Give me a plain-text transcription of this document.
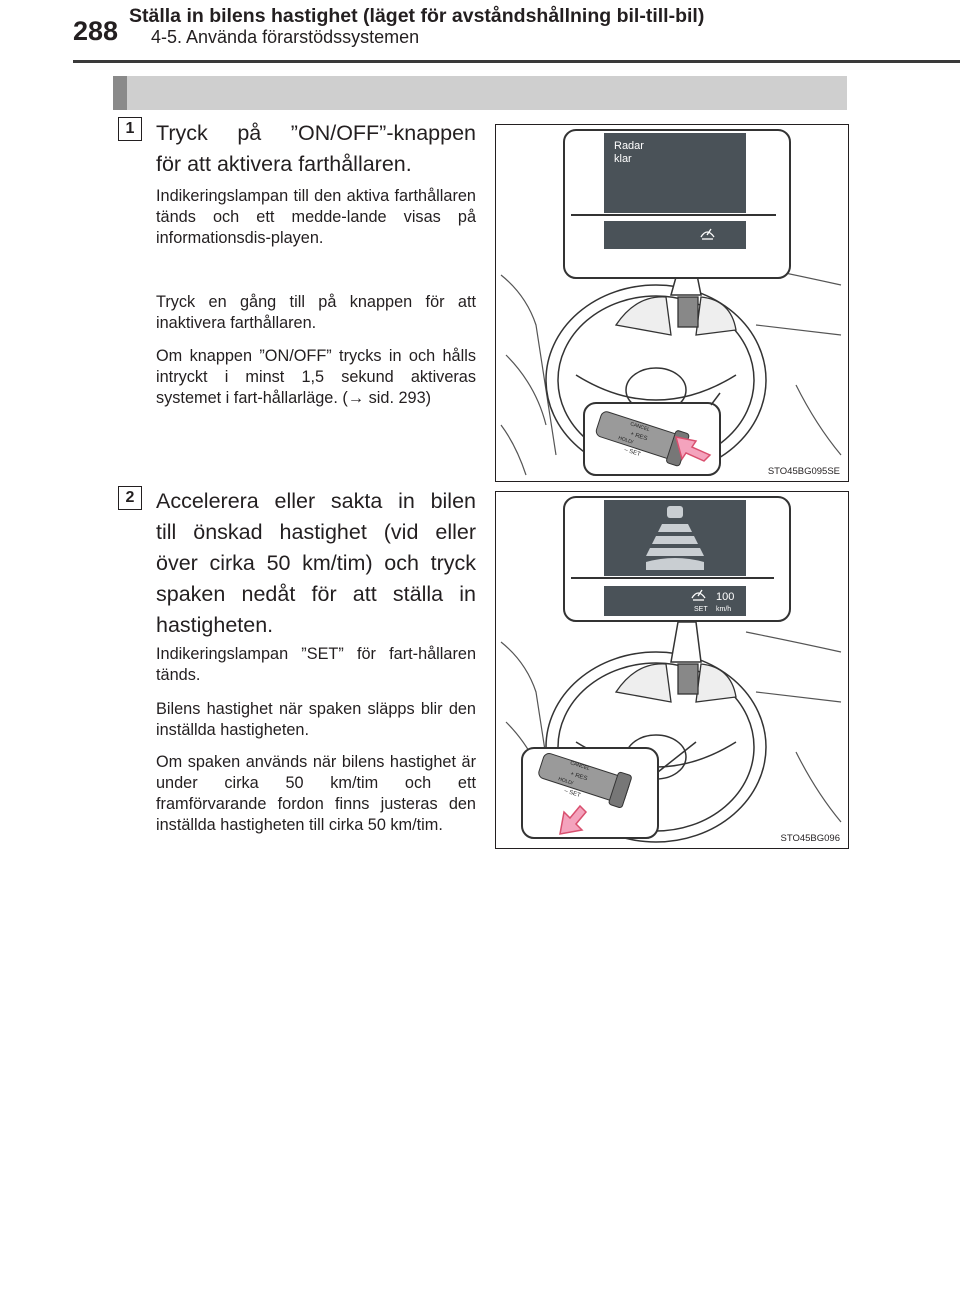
288 4-5. Använda förarstödssystemen
Ställa in bilens hastighet (läget för avståndshållning bil-till-bil)
1	Tryck på ”ON/OFF”-knappen
för att aktivera farthållaren.

Indikeringslampan till den aktiva farthållaren tänds och ett medde-lande visas på informationsdis-playen.

Tryck en gång till på knappen för att inaktivera farthållaren.

Om knappen ”ON/OFF” trycks in och hålls intryckt i minst 1,5 sekund aktiveras systemet i fart-hållarläge. (→ sid. 293)

Radar
klar
CANCEL
+ RES
HOLD/
– SET
STO45BG095SE
2	Accelerera eller sakta in bilen
till önskad hastighet (vid eller
över cirka 50 km/tim) och tryck
spaken nedåt för att ställa in
hastigheten.

Indikeringslampan ”SET” för fart-hållaren tänds.

Bilens hastighet när spaken släpps blir den inställda hastigheten.

Om spaken används när bilens hastighet är under cirka 50 km/tim och ett framförvarande fordon finns justeras den inställda hastigheten till cirka 50 km/tim.

100
SET km/h
CANCEL
+ RES
HOLD/
– SET
STO45BG096
